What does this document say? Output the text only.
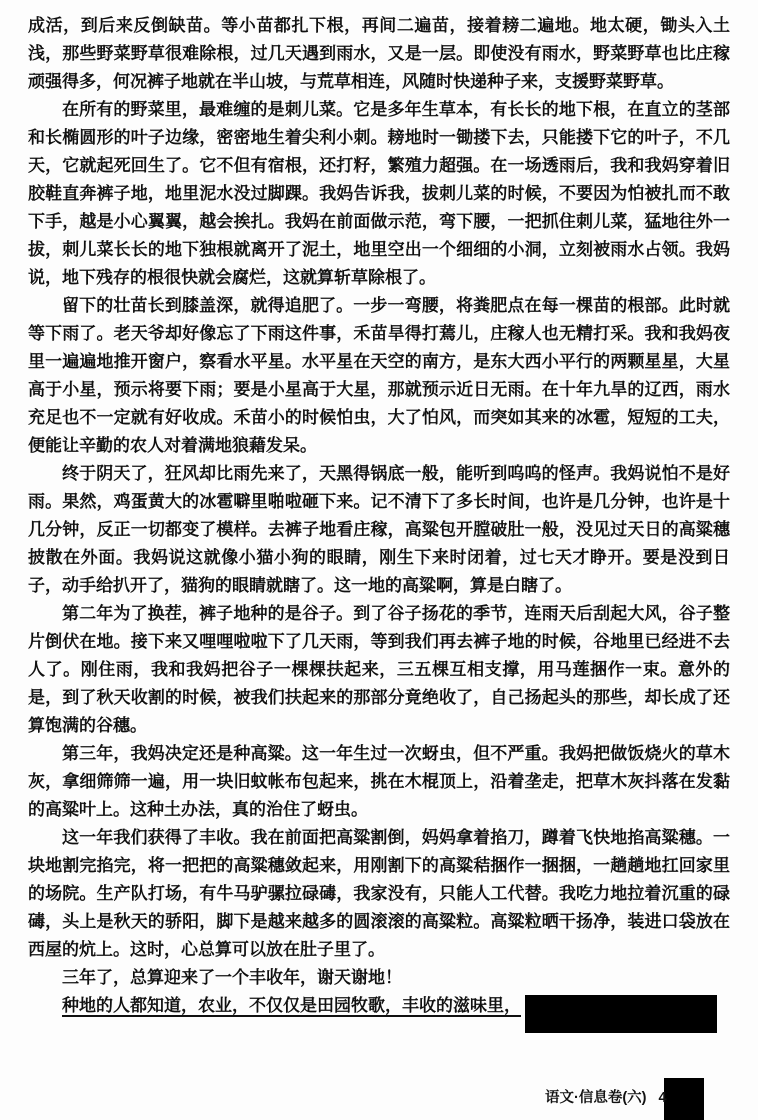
成活，到后来反倒缺苗。等小苗都扎下根，再间二遍苗，接着耪二遍地。地太硬，锄头入土浅，那些野菜野草很难除根，过几天遇到雨水，又是一层。即使没有雨水，野菜野草也比庄稼顽强得多，何况裤子地就在半山坡，与荒草相连，风随时快递种子来，支援野菜野草。

在所有的野菜里，最难缠的是刺儿菜。它是多年生草本，有长长的地下根，在直立的茎部和长椭圆形的叶子边缘，密密地生着尖利小刺。耪地时一锄搂下去，只能搂下它的叶子，不几天，它就起死回生了。它不但有宿根，还打籽，繁殖力超强。在一场透雨后，我和我妈穿着旧胶鞋直奔裤子地，地里泥水没过脚踝。我妈告诉我，拔刺儿菜的时候，不要因为怕被扎而不敢下手，越是小心翼翼，越会挨扎。我妈在前面做示范，弯下腰，一把抓住刺儿菜，猛地往外一拔，刺儿菜长长的地下独根就离开了泥土，地里空出一个细细的小洞，立刻被雨水占领。我妈说，地下残存的根很快就会腐烂，这就算斩草除根了。

留下的壮苗长到膝盖深，就得追肥了。一步一弯腰，将粪肥点在每一棵苗的根部。此时就等下雨了。老天爷却好像忘了下雨这件事，禾苗旱得打蔫儿，庄稼人也无精打采。我和我妈夜里一遍遍地推开窗户，察看水平星。水平星在天空的南方，是东大西小平行的两颗星星，大星高于小星，预示将要下雨；要是小星高于大星，那就预示近日无雨。在十年九旱的辽西，雨水充足也不一定就有好收成。禾苗小的时候怕虫，大了怕风，而突如其来的冰雹，短短的工夫，便能让辛勤的农人对着满地狼藉发呆。

终于阴天了，狂风却比雨先来了，天黑得锅底一般，能听到呜呜的怪声。我妈说怕不是好雨。果然，鸡蛋黄大的冰雹噼里啪啦砸下来。记不清下了多长时间，也许是几分钟，也许是十几分钟，反正一切都变了模样。去裤子地看庄稼，高粱包开膛破肚一般，没见过天日的高粱穗披散在外面。我妈说这就像小猫小狗的眼睛，刚生下来时闭着，过七天才睁开。要是没到日子，动手给扒开了，猫狗的眼睛就瞎了。这一地的高粱啊，算是白瞎了。

第二年为了换茬，裤子地种的是谷子。到了谷子扬花的季节，连雨天后刮起大风，谷子整片倒伏在地。接下来又哩哩啦啦下了几天雨，等到我们再去裤子地的时候，谷地里已经进不去人了。刚住雨，我和我妈把谷子一棵棵扶起来，三五棵互相支撑，用马莲捆作一束。意外的是，到了秋天收割的时候，被我们扶起来的那部分竟绝收了，自己扬起头的那些，却长成了还算饱满的谷穗。

第三年，我妈决定还是种高粱。这一年生过一次蚜虫，但不严重。我妈把做饭烧火的草木灰，拿细筛筛一遍，用一块旧蚊帐布包起来，挑在木棍顶上，沿着垄走，把草木灰抖落在发黏的高粱叶上。这种土办法，真的治住了蚜虫。

这一年我们获得了丰收。我在前面把高粱割倒，妈妈拿着掐刀，蹲着飞快地掐高粱穗。一块地割完掐完，将一把把的高粱穗敛起来，用刚割下的高粱秸捆作一捆捆，一趟趟地扛回家里的场院。生产队打场，有牛马驴骡拉碌碡，我家没有，只能人工代替。我吃力地拉着沉重的碌碡，头上是秋天的骄阳，脚下是越来越多的圆滚滚的高粱粒。高粱粒晒干扬净，装进口袋放在西屋的炕上。这时，心总算可以放在肚子里了。

三年了，总算迎来了一个丰收年，谢天谢地！

种地的人都知道，农业，不仅仅是田园牧歌，丰收的滋味里，

语文·信息卷(六) 4
